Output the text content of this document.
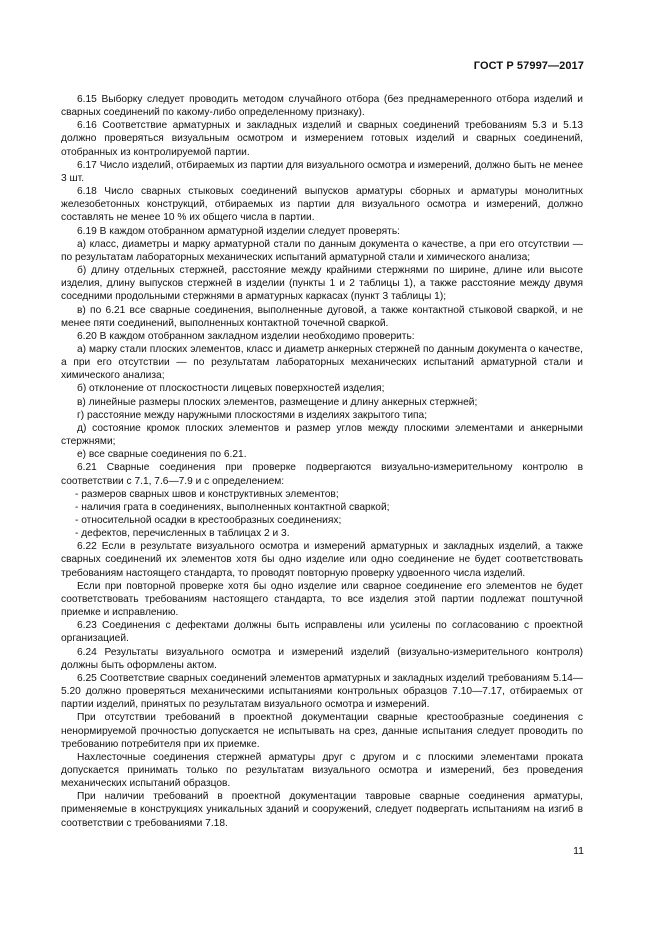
ГОСТ Р 57997—2017

6.15 Выборку следует проводить методом случайного отбора (без преднамеренного отбора изделий и сварных соединений по какому-либо определенному признаку).

6.16 Соответствие арматурных и закладных изделий и сварных соединений требованиям 5.3 и 5.13 должно проверяться визуальным осмотром и измерением готовых изделий и сварных соединений, отобранных из контролируемой партии.

6.17 Число изделий, отбираемых из партии для визуального осмотра и измерений, должно быть не менее 3 шт.

6.18 Число сварных стыковых соединений выпусков арматуры сборных и арматуры монолитных железобетонных конструкций, отбираемых из партии для визуального осмотра и измерений, должно составлять не менее 10 % их общего числа в партии.

6.19 В каждом отобранном арматурной изделии следует проверять:

а) класс, диаметры и марку арматурной стали по данным документа о качестве, а при его отсутствии — по результатам лабораторных механических испытаний арматурной стали и химического анализа;

б) длину отдельных стержней, расстояние между крайними стержнями по ширине, длине или высоте изделия, длину выпусков стержней в изделии (пункты 1 и 2 таблицы 1), а также расстояние между двумя соседними продольными стержнями в арматурных каркасах (пункт 3 таблицы 1);

в) по 6.21 все сварные соединения, выполненные дуговой, а также контактной стыковой сваркой, и не менее пяти соединений, выполненных контактной точечной сваркой.

6.20 В каждом отобранном закладном изделии необходимо проверить:

а) марку стали плоских элементов, класс и диаметр анкерных стержней по данным документа о качестве, а при его отсутствии — по результатам лабораторных механических испытаний арматурной стали и химического анализа;

б) отклонение от плоскостности лицевых поверхностей изделия;

в) линейные размеры плоских элементов, размещение и длину анкерных стержней;

г) расстояние между наружными плоскостями в изделиях закрытого типа;

д) состояние кромок плоских элементов и размер углов между плоскими элементами и анкерными стержнями;

е) все сварные соединения по 6.21.

6.21 Сварные соединения при проверке подвергаются визуально-измерительному контролю в соответствии с 7.1, 7.6—7.9 и с определением:

- размеров сварных швов и конструктивных элементов;

- наличия грата в соединениях, выполненных контактной сваркой;

- относительной осадки в крестообразных соединениях;

- дефектов, перечисленных в таблицах 2 и 3.

6.22 Если в результате визуального осмотра и измерений арматурных и закладных изделий, а также сварных соединений их элементов хотя бы одно изделие или одно соединение не будет соответствовать требованиям настоящего стандарта, то проводят повторную проверку удвоенного числа изделий.

Если при повторной проверке хотя бы одно изделие или сварное соединение его элементов не будет соответствовать требованиям настоящего стандарта, то все изделия этой партии подлежат поштучной приемке и исправлению.

6.23 Соединения с дефектами должны быть исправлены или усилены по согласованию с проектной организацией.

6.24 Результаты визуального осмотра и измерений изделий (визуально-измерительного контроля) должны быть оформлены актом.

6.25 Соответствие сварных соединений элементов арматурных и закладных изделий требованиям 5.14—5.20 должно проверяться механическими испытаниями контрольных образцов 7.10—7.17, отбираемых от партии изделий, принятых по результатам визуального осмотра и измерений.

При отсутствии требований в проектной документации сварные крестообразные соединения с ненормируемой прочностью допускается не испытывать на срез, данные испытания следует проводить по требованию потребителя при их приемке.

Нахлесточные соединения стержней арматуры друг с другом и с плоскими элементами проката допускается принимать только по результатам визуального осмотра и измерений, без проведения механических испытаний образцов.

При наличии требований в проектной документации тавровые сварные соединения арматуры, применяемые в конструкциях уникальных зданий и сооружений, следует подвергать испытаниям на изгиб в соответствии с требованиями 7.18.

11
